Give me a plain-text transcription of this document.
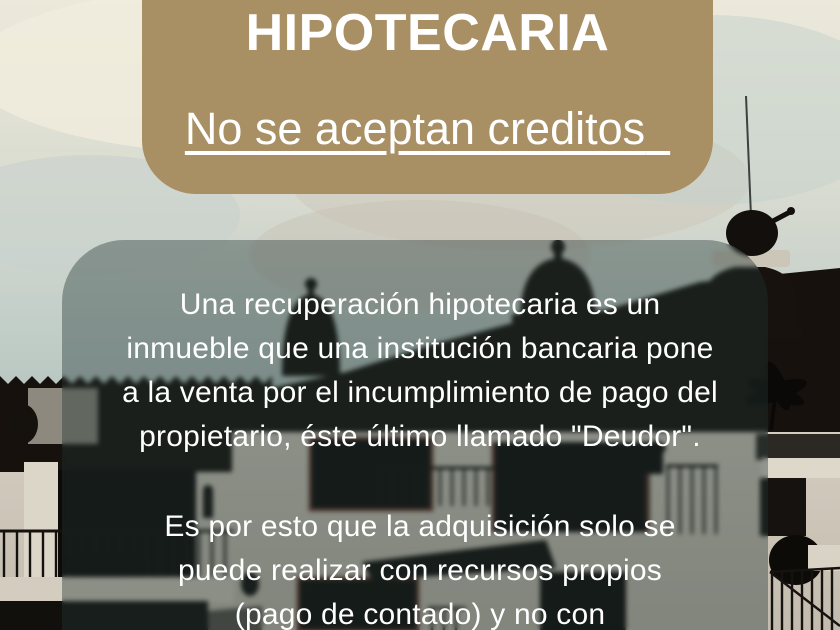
HIPOTECARIA
No se aceptan creditos
Una recuperación hipotecaria es un
inmueble que una institución bancaria pone
a la venta por el incumplimiento de pago del
propietario, éste último llamado "Deudor".
Es por esto que la adquisición solo se
puede realizar con recursos propios
(pago de contado) y no con
